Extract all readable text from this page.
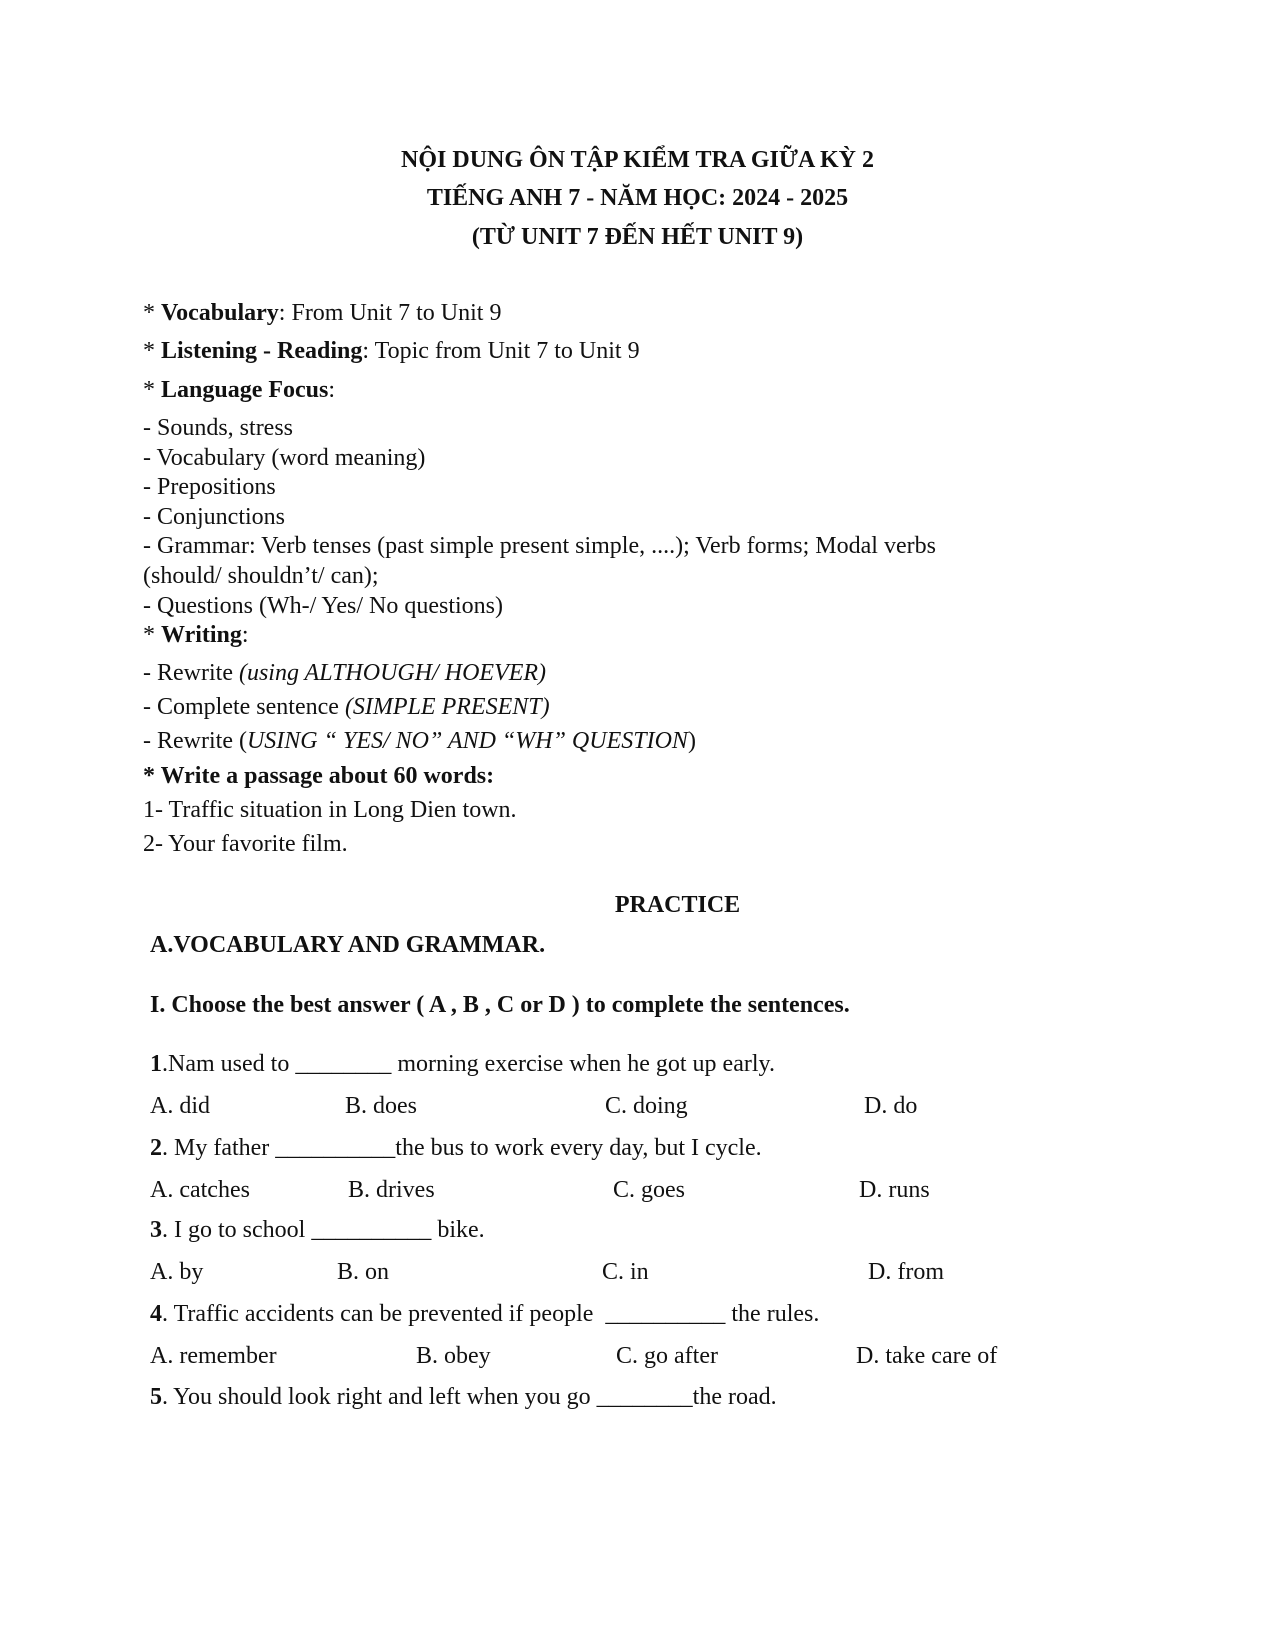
NỘI DUNG ÔN TẬP KIỂM TRA GIỮA KỲ 2
TIẾNG ANH 7 - NĂM HỌC: 2024 - 2025
(TỪ UNIT 7 ĐẾN HẾT UNIT 9)
* Vocabulary: From Unit 7 to Unit 9
* Listening - Reading: Topic from Unit 7 to Unit 9
* Language Focus:
- Sounds, stress
- Vocabulary (word meaning)
- Prepositions
- Conjunctions
- Grammar: Verb tenses (past simple present simple, ....); Verb forms; Modal verbs
(should/ shouldn’t/ can);
- Questions (Wh-/ Yes/ No questions)
* Writing:
- Rewrite (using ALTHOUGH/ HOEVER)
- Complete sentence (SIMPLE PRESENT)
- Rewrite (USING “ YES/ NO” AND “WH” QUESTION)
* Write a passage about 60 words:
1- Traffic situation in Long Dien town.
2- Your favorite film.
PRACTICE
A.VOCABULARY AND GRAMMAR.
I. Choose the best answer ( A , B , C or D ) to complete the sentences.
1.Nam used to ________ morning exercise when he got up early.
A. did	B. does	C. doing	D. do
2. My father __________the bus to work every day, but I cycle.
A. catches	B. drives	C. goes	D. runs
3. I go to school __________ bike.
A. by	B. on	C. in	D. from
4. Traffic accidents can be prevented if people  __________ the rules.
A. remember	B. obey	C. go after	D. take care of
5. You should look right and left when you go ________the road.
